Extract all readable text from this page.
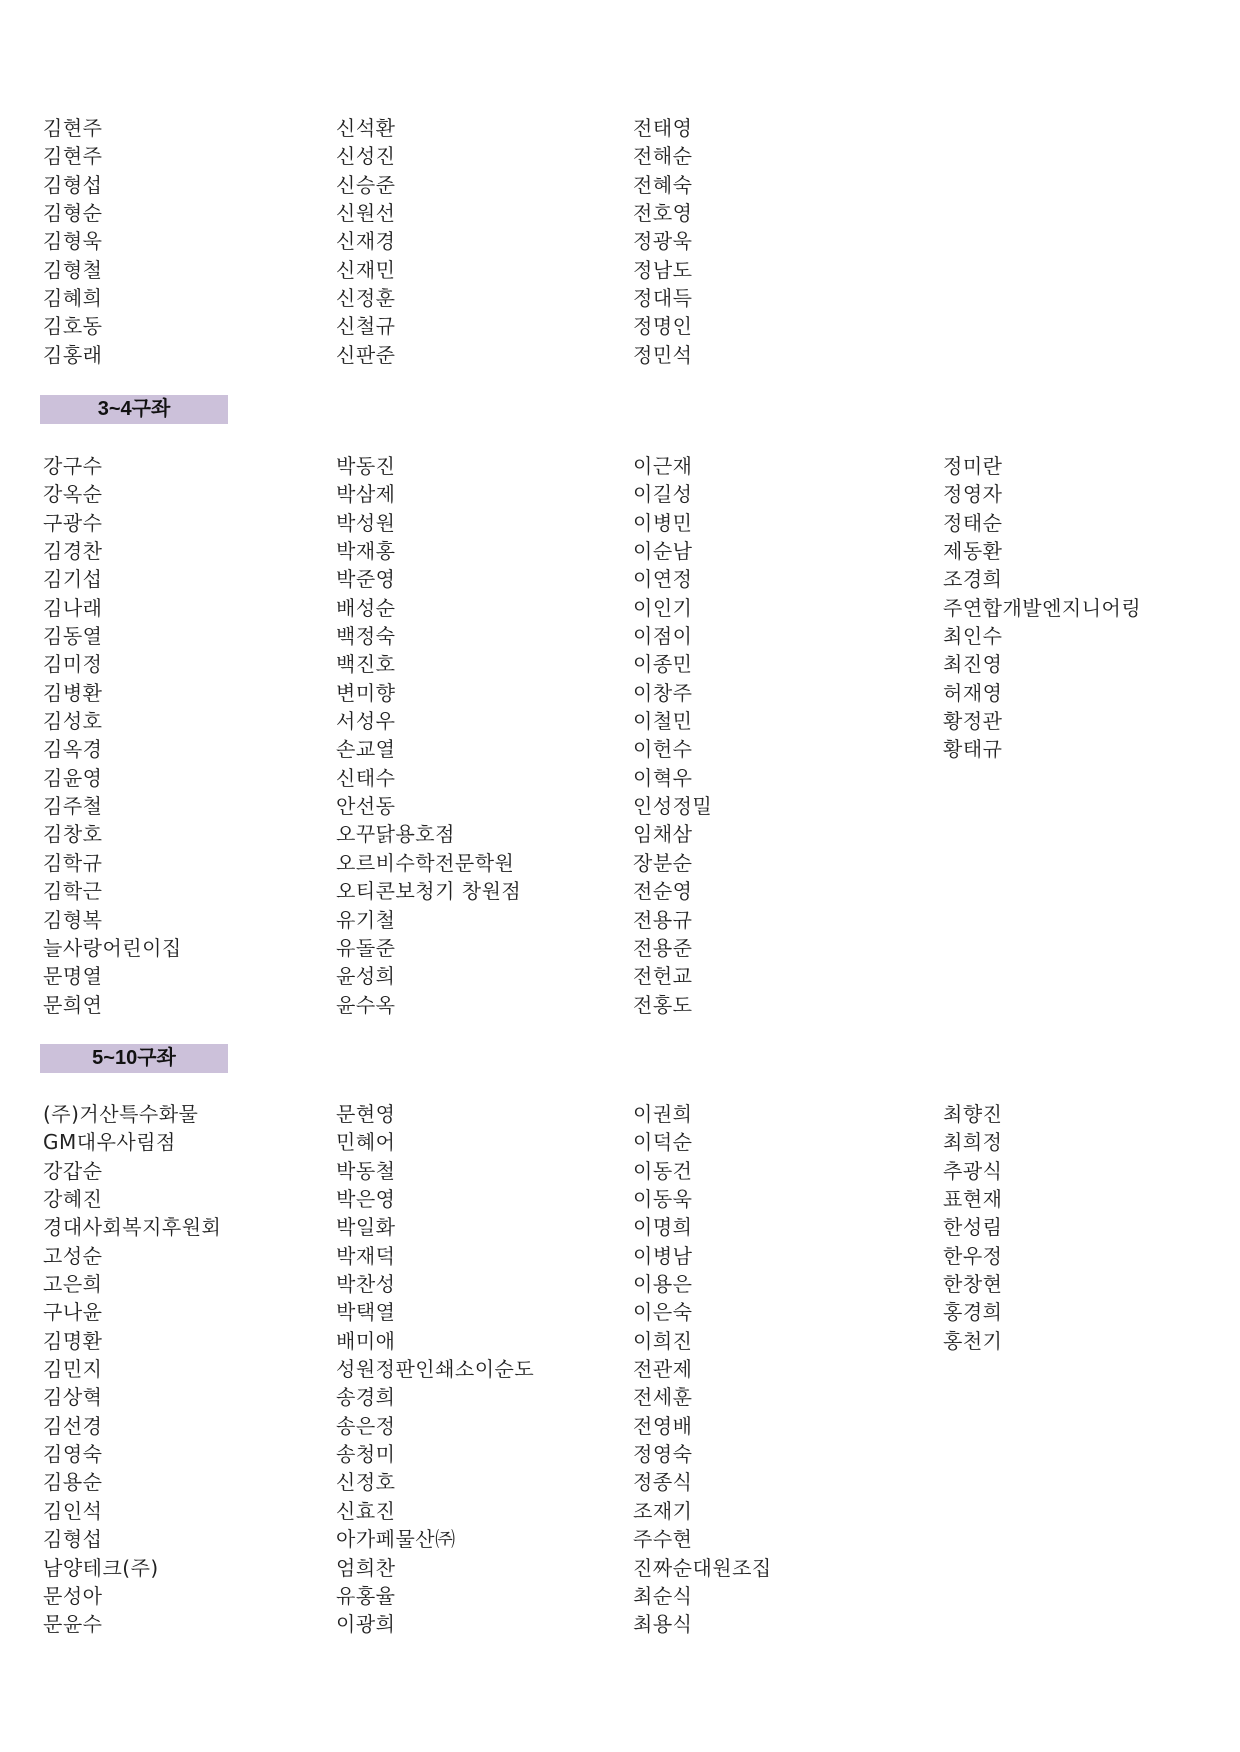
김현주
김현주
김형섭
김형순
김형욱
김형철
김혜희
김호동
김홍래
신석환
신성진
신승준
신원선
신재경
신재민
신정훈
신철규
신판준
전태영
전해순
전혜숙
전호영
정광욱
정남도
정대득
정명인
정민석
3~4구좌
강구수
강옥순
구광수
김경찬
김기섭
김나래
김동열
김미정
김병환
김성호
김옥경
김윤영
김주철
김창호
김학규
김학근
김형복
늘사랑어린이집
문명열
문희연
박동진
박삼제
박성원
박재홍
박준영
배성순
백정숙
백진호
변미향
서성우
손교열
신태수
안선동
오꾸닭용호점
오르비수학전문학원
오티콘보청기 창원점
유기철
유돌준
윤성희
윤수옥
이근재
이길성
이병민
이순남
이연정
이인기
이점이
이종민
이창주
이철민
이헌수
이혁우
인성정밀
임채삼
장분순
전순영
전용규
전용준
전헌교
전홍도
정미란
정영자
정태순
제동환
조경희
주연합개발엔지니어링
최인수
최진영
허재영
황정관
황태규
5~10구좌
(주)거산특수화물
GM대우사림점
강갑순
강혜진
경대사회복지후원회
고성순
고은희
구나윤
김명환
김민지
김상혁
김선경
김영숙
김용순
김인석
김형섭
남양테크(주)
문성아
문윤수
문현영
민혜어
박동철
박은영
박일화
박재덕
박찬성
박택열
배미애
성원정판인쇄소이순도
송경희
송은정
송청미
신정호
신효진
아가페물산㈜
엄희찬
유홍율
이광희
이권희
이덕순
이동건
이동욱
이명희
이병남
이용은
이은숙
이희진
전관제
전세훈
전영배
정영숙
정종식
조재기
주수현
진짜순대원조집
최순식
최용식
최향진
최희정
추광식
표현재
한성림
한우정
한창현
홍경희
홍천기
